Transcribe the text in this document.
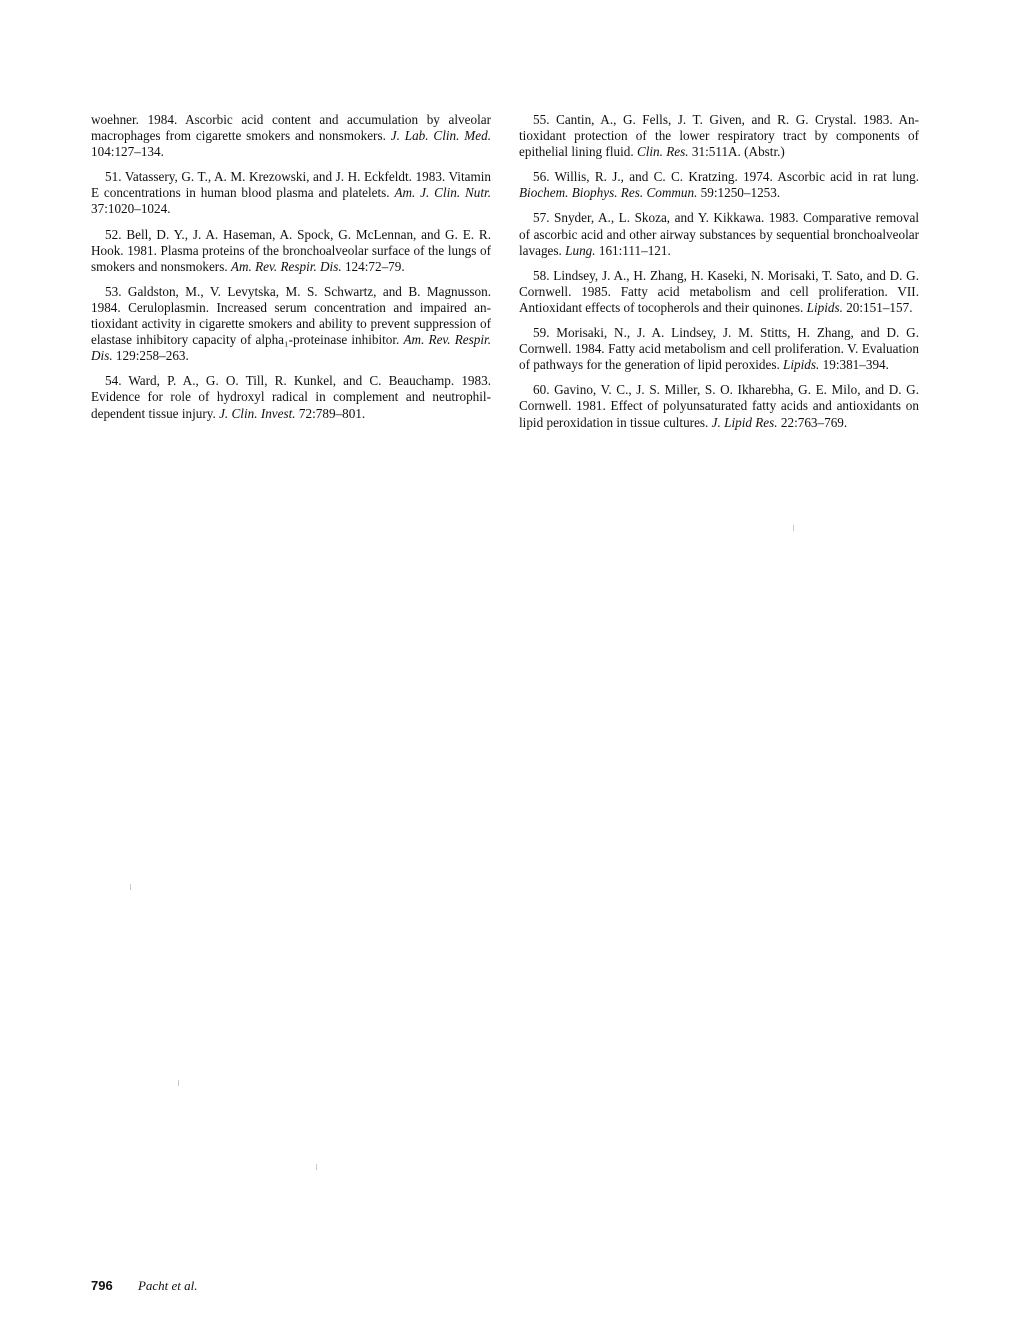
woehner. 1984. Ascorbic acid content and accumulation by alveolar macrophages from cigarette smokers and nonsmokers. J. Lab. Clin. Med. 104:127–134.

51. Vatassery, G. T., A. M. Krezowski, and J. H. Eckfeldt. 1983. Vitamin E concentrations in human blood plasma and platelets. Am. J. Clin. Nutr. 37:1020–1024.

52. Bell, D. Y., J. A. Haseman, A. Spock, G. McLennan, and G. E. R. Hook. 1981. Plasma proteins of the bronchoalveolar surface of the lungs of smokers and nonsmokers. Am. Rev. Respir. Dis. 124:72–79.

53. Galdston, M., V. Levytska, M. S. Schwartz, and B. Magnusson. 1984. Ceruloplasmin. Increased serum concentration and impaired antioxidant activity in cigarette smokers and ability to prevent suppression of elastase inhibitory capacity of alpha₁-proteinase inhibitor. Am. Rev. Respir. Dis. 129:258–263.

54. Ward, P. A., G. O. Till, R. Kunkel, and C. Beauchamp. 1983. Evidence for role of hydroxyl radical in complement and neutrophildependent tissue injury. J. Clin. Invest. 72:789–801.

55. Cantin, A., G. Fells, J. T. Given, and R. G. Crystal. 1983. Antioxidant protection of the lower respiratory tract by components of epithelial lining fluid. Clin. Res. 31:511A. (Abstr.)

56. Willis, R. J., and C. C. Kratzing. 1974. Ascorbic acid in rat lung. Biochem. Biophys. Res. Commun. 59:1250–1253.

57. Snyder, A., L. Skoza, and Y. Kikkawa. 1983. Comparative removal of ascorbic acid and other airway substances by sequential bronchoalveolar lavages. Lung. 161:111–121.

58. Lindsey, J. A., H. Zhang, H. Kaseki, N. Morisaki, T. Sato, and D. G. Cornwell. 1985. Fatty acid metabolism and cell proliferation. VII. Antioxidant effects of tocopherols and their quinones. Lipids. 20:151–157.

59. Morisaki, N., J. A. Lindsey, J. M. Stitts, H. Zhang, and D. G. Cornwell. 1984. Fatty acid metabolism and cell proliferation. V. Evaluation of pathways for the generation of lipid peroxides. Lipids. 19:381–394.

60. Gavino, V. C., J. S. Miller, S. O. Ikharebha, G. E. Milo, and D. G. Cornwell. 1981. Effect of polyunsaturated fatty acids and antioxidants on lipid peroxidation in tissue cultures. J. Lipid Res. 22:763–769.

796 Pacht et al.
